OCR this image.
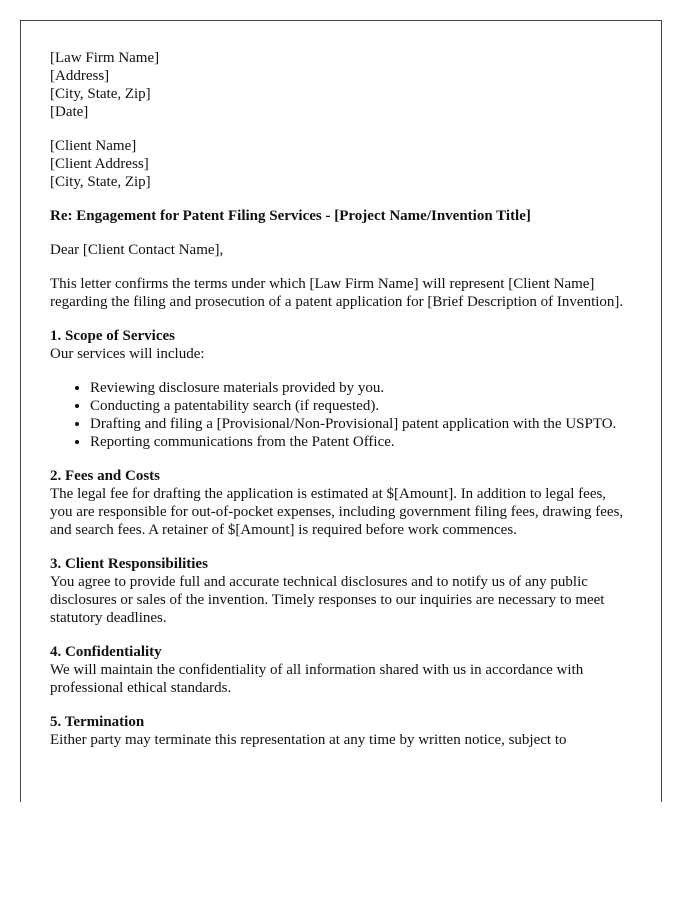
[Law Firm Name]
[Address]
[City, State, Zip]
[Date]

[Client Name]
[Client Address]
[City, State, Zip]

Re: Engagement for Patent Filing Services - [Project Name/Invention Title]

Dear [Client Contact Name],

This letter confirms the terms under which [Law Firm Name] will represent [Client Name] regarding the filing and prosecution of a patent application for [Brief Description of Invention].

1. Scope of Services

Our services will include:

• Reviewing disclosure materials provided by you.
• Conducting a patentability search (if requested).
• Drafting and filing a [Provisional/Non-Provisional] patent application with the USPTO.
• Reporting communications from the Patent Office.
2. Fees and Costs

The legal fee for drafting the application is estimated at $[Amount]. In addition to legal fees, you are responsible for out-of-pocket expenses, including government filing fees, drawing fees, and search fees. A retainer of $[Amount] is required before work commences.

3. Client Responsibilities

You agree to provide full and accurate technical disclosures and to notify us of any public disclosures or sales of the invention. Timely responses to our inquiries are necessary to meet statutory deadlines.

4. Confidentiality

We will maintain the confidentiality of all information shared with us in accordance with professional ethical standards.

5. Termination

Either party may terminate this representation at any time by written notice, subject to
